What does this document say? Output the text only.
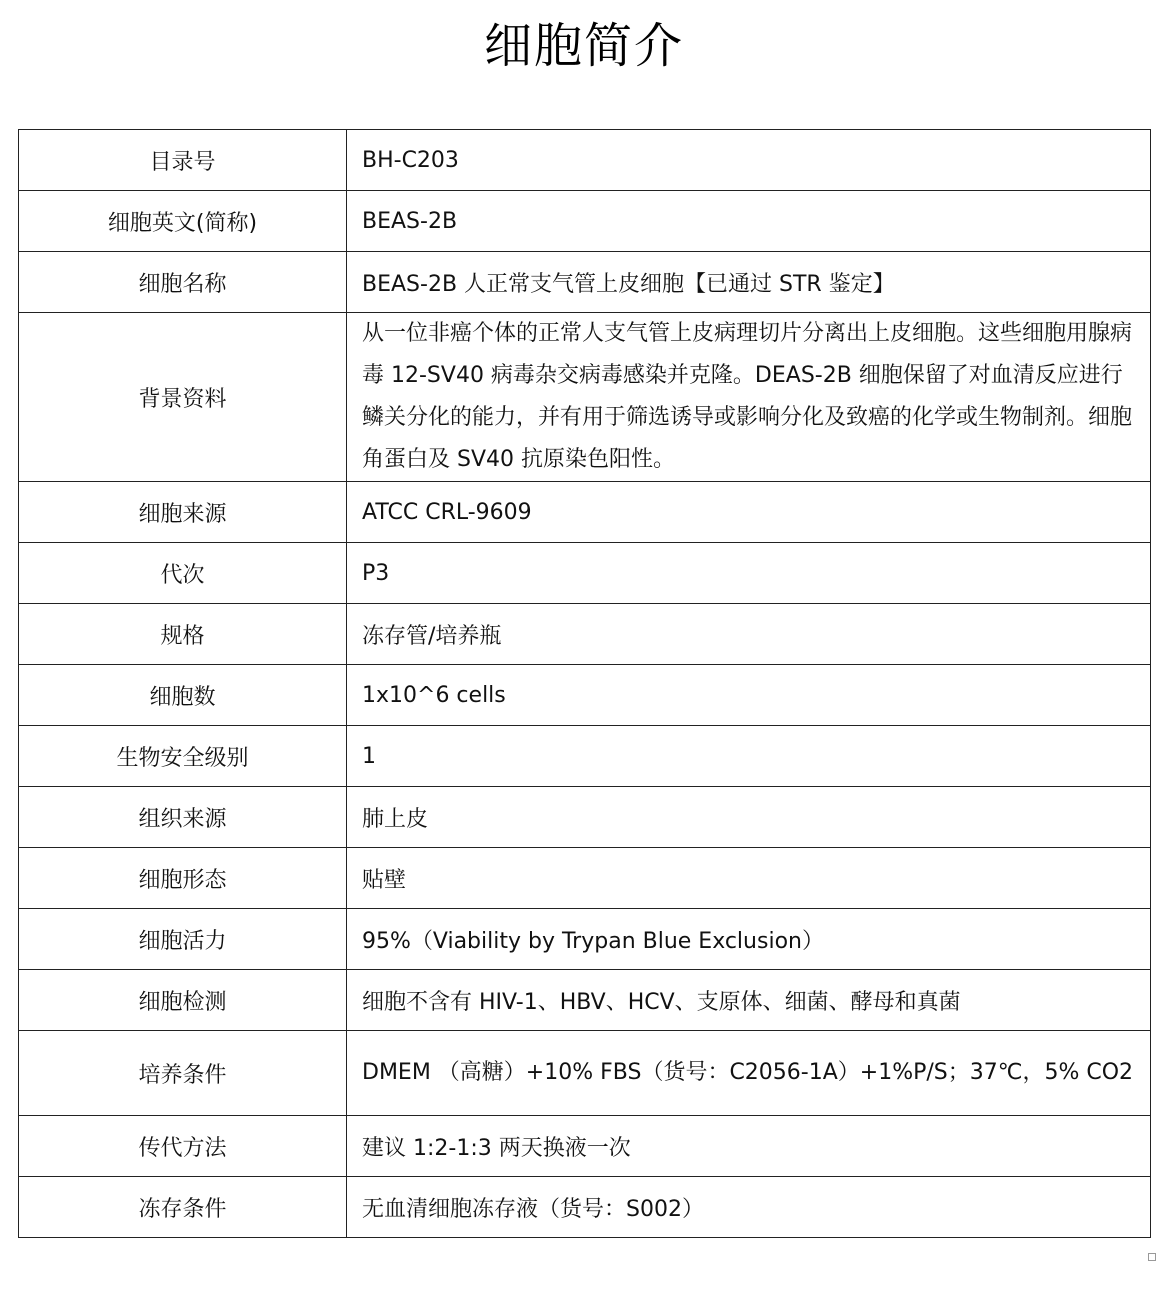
细胞简介
目录号	BH-C203
细胞英文(简称)	BEAS-2B
细胞名称	BEAS-2B 人正常支气管上皮细胞【已通过 STR 鉴定】
背景资料	从一位非癌个体的正常人支气管上皮病理切片分离出上皮细胞。这些细胞用腺病毒 12-SV40 病毒杂交病毒感染并克隆。DEAS-2B 细胞保留了对血清反应进行鳞关分化的能力，并有用于筛选诱导或影响分化及致癌的化学或生物制剂。细胞角蛋白及 SV40 抗原染色阳性。

细胞来源	ATCC CRL-9609
代次	P3
规格	冻存管/培养瓶
细胞数	1x10^6 cells
生物安全级别	1
组织来源	肺上皮
细胞形态	贴壁
细胞活力	95%（Viability by Trypan Blue Exclusion）
细胞检测	细胞不含有 HIV-1、HBV、HCV、支原体、细菌、酵母和真菌
培养条件	DMEM （高糖）+10% FBS（货号：C2056-1A）+1%P/S；37℃，5% CO2

传代方法	建议 1:2-1:3 两天换液一次
冻存条件	无血清细胞冻存液（货号：S002）
